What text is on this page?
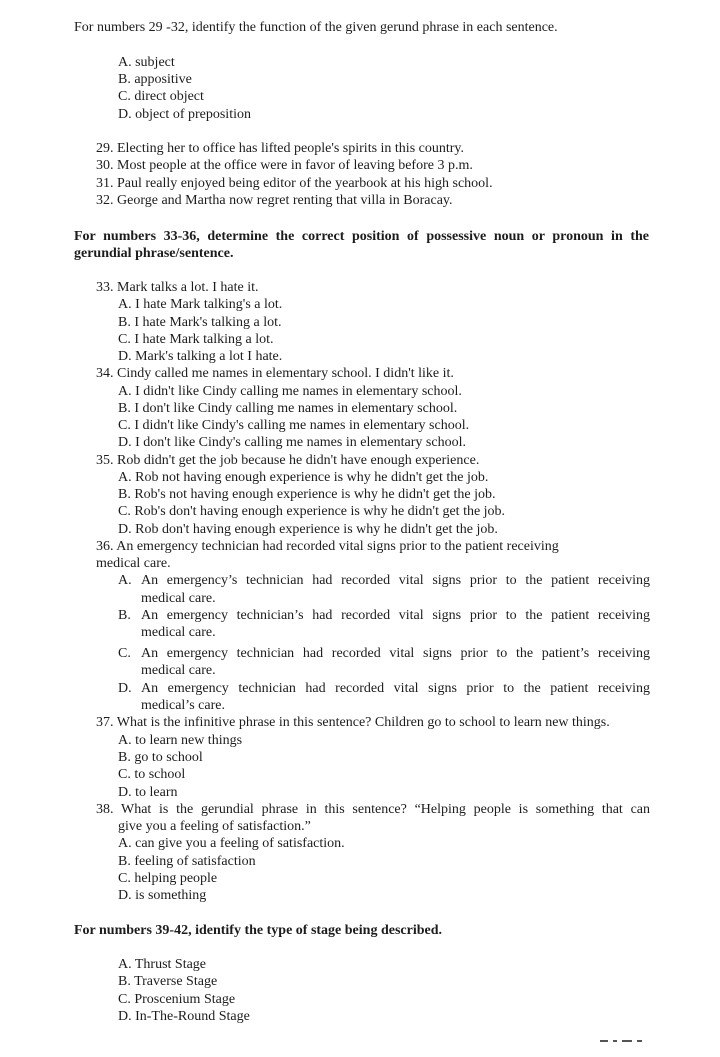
For numbers 29 -32, identify the function of the given gerund phrase in each sentence.
A. subject
B. appositive
C. direct object
D. object of preposition
29. Electing her to office has lifted people's spirits in this country.
30. Most people at the office were in favor of leaving before 3 p.m.
31. Paul really enjoyed being editor of the yearbook at his high school.
32. George and Martha now regret renting that villa in Boracay.
For numbers 33-36, determine the correct position of possessive noun or pronoun in the
gerundial phrase/sentence.
33. Mark talks a lot. I hate it.
A. I hate Mark talking's a lot.
B. I hate Mark's talking a lot.
C. I hate Mark talking a lot.
D. Mark's talking a lot I hate.
34. Cindy called me names in elementary school. I didn't like it.
A. I didn't like Cindy calling me names in elementary school.
B. I don't like Cindy calling me names in elementary school.
C. I didn't like Cindy's calling me names in elementary school.
D. I don't like Cindy's calling me names in elementary school.
35. Rob didn't get the job because he didn't have enough experience.
A. Rob not having enough experience is why he didn't get the job.
B. Rob's not having enough experience is why he didn't get the job.
C. Rob's don't having enough experience is why he didn't get the job.
D. Rob don't having enough experience is why he didn't get the job.
36. An emergency technician had recorded vital signs prior to the patient receiving
medical care.
A. An emergency’s technician had recorded vital signs prior to the patient receiving
medical care.
B. An emergency technician’s had recorded vital signs prior to the patient receiving
medical care.
C. An emergency technician had recorded vital signs prior to the patient’s receiving
medical care.
D. An emergency technician had recorded vital signs prior to the patient receiving
medical’s care.
37. What is the infinitive phrase in this sentence? Children go to school to learn new things.
A. to learn new things
B. go to school
C. to school
D. to learn
38. What is the gerundial phrase in this sentence? “Helping people is something that can
give you a feeling of satisfaction.”
A. can give you a feeling of satisfaction.
B. feeling of satisfaction
C. helping people
D. is something
For numbers 39-42, identify the type of stage being described.
A. Thrust Stage
B. Traverse Stage
C. Proscenium Stage
D. In-The-Round Stage
